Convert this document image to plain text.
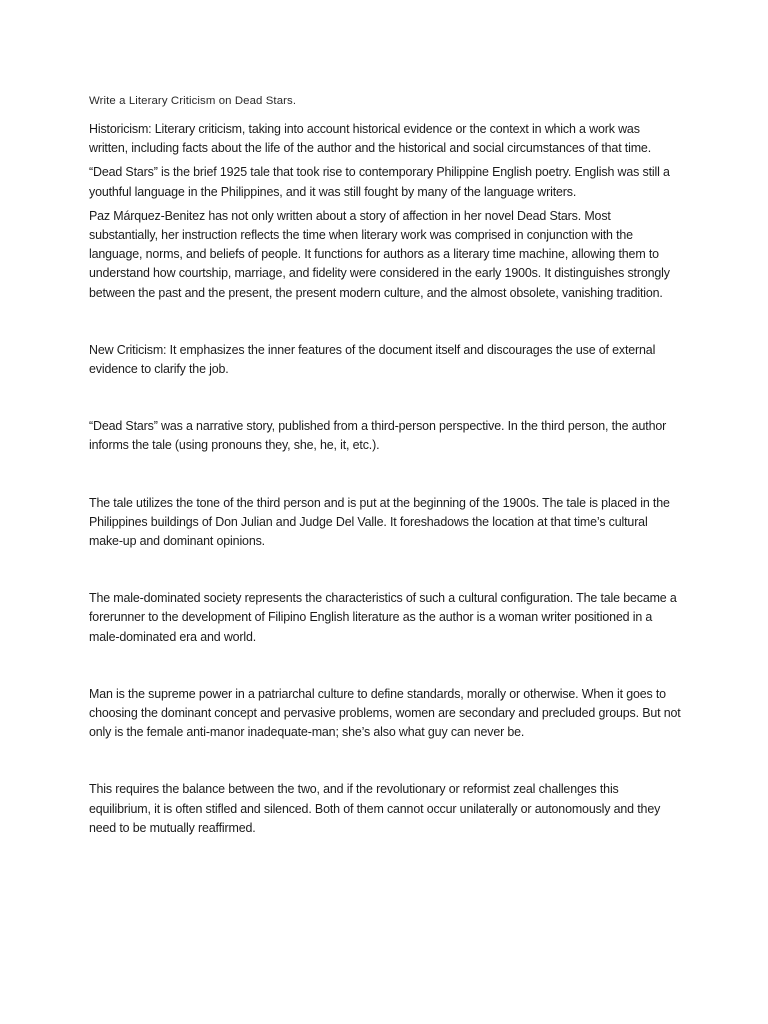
Write a Literary Criticism on Dead Stars.

Historicism: Literary criticism, taking into account historical evidence or the context in which a work was written, including facts about the life of the author and the historical and social circumstances of that time.

“Dead Stars” is the brief 1925 tale that took rise to contemporary Philippine English poetry. English was still a youthful language in the Philippines, and it was still fought by many of the language writers.

Paz Márquez-Benitez has not only written about a story of affection in her novel Dead Stars. Most substantially, her instruction reflects the time when literary work was comprised in conjunction with the language, norms, and beliefs of people. It functions for authors as a literary time machine, allowing them to understand how courtship, marriage, and fidelity were considered in the early 1900s. It distinguishes strongly between the past and the present, the present modern culture, and the almost obsolete, vanishing tradition.

New Criticism: It emphasizes the inner features of the document itself and discourages the use of external evidence to clarify the job.

“Dead Stars” was a narrative story, published from a third-person perspective. In the third person, the author informs the tale (using pronouns they, she, he, it, etc.).

The tale utilizes the tone of the third person and is put at the beginning of the 1900s. The tale is placed in the Philippines buildings of Don Julian and Judge Del Valle. It foreshadows the location at that time’s cultural make-up and dominant opinions.

The male-dominated society represents the characteristics of such a cultural configuration. The tale became a forerunner to the development of Filipino English literature as the author is a woman writer positioned in a male-dominated era and world.

Man is the supreme power in a patriarchal culture to define standards, morally or otherwise. When it goes to choosing the dominant concept and pervasive problems, women are secondary and precluded groups. But not only is the female anti-manor inadequate-man; she’s also what guy can never be.

This requires the balance between the two, and if the revolutionary or reformist zeal challenges this equilibrium, it is often stifled and silenced. Both of them cannot occur unilaterally or autonomously and they need to be mutually reaffirmed.
